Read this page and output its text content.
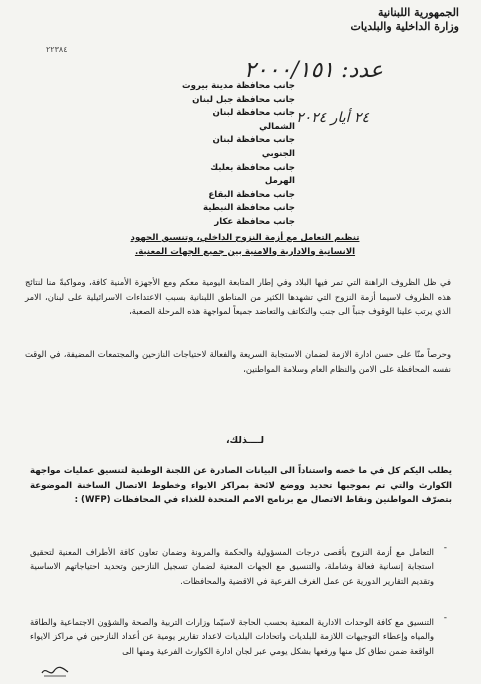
الجمهورية اللبنانية
وزارة الداخلية والبلديات
٢٢٣٨٤
عدد: ٢٠٠٠/١٥١
٢٤ أيار ٢٠٢٤
جانب محافظة مدينة بيروت
جانب محافظة جبل لبنان
جانب محافظة لبنان الشمالي
جانب محافظة لبنان الجنوبي
جانب محافظة بعلبك الهرمل
جانب محافظة البقاع
جانب محافظة النبطية
جانب محافظة عكار
تنظيم التعامل مع أزمة النزوح الداخلي، وتنسيق الجهود
الانسانية والادارية والامنية بين جميع الجهات المعنية.
في ظل الظروف الراهنة التي تمر فيها البلاد وفي إطار المتابعة اليومية معكم ومع الأجهزة الأمنية كافة، ومواكبةً منا لنتائج هذه الظروف لاسيما أزمة النزوح التي تشهدها الكثير من المناطق اللبنانية بسبب الاعتداءات الاسرائيلية على لبنان، الامر الذي يرتب علينا الوقوف جنباً الى جنب والتكاتف والتعاضد جميعاً لمواجهة هذه المرحلة الصعبة،
وحرصاً منّا على حسن ادارة الازمة لضمان الاستجابة السريعة والفعالة لاحتياجات النازحين والمجتمعات المضيفة، في الوقت نفسه المحافظة على الامن والنظام العام وسلامة المواطنين،
لــــذلك،
يطلب اليكم كل في ما خصه واستناداً الى البيانات الصادرة عن اللجنة الوطنية لتنسيق عمليات مواجهة الكوارث والتي تم بموجبها تحديد ووضع لائحة بمراكز الايواء وخطوط الاتصال الساخنة الموضوعة بتصرّف المواطنين ونقاط الاتصال مع برنامج الامم المتحدة للغذاء في المحافظات (WFP) :
-
التعامل مع أزمة النزوح بأقصى درجات المسؤولية والحكمة والمرونة وضمان تعاون كافة الأطراف المعنية لتحقيق استجابة إنسانية فعالة وشاملة، والتنسيق مع الجهات المعنية لضمان تسجيل النازحين وتحديد احتياجاتهم الاساسية وتقديم التقارير الدورية عن عمل الغرف الفرعية في الاقضية والمحافظات.
-
التنسيق مع كافة الوحدات الادارية المعنية بحسب الحاجة لاسيّما وزارات التربية والصحة والشؤون الاجتماعية والطاقة والمياه وإعطاء التوجيهات اللازمة للبلديات واتحادات البلديات لاعداد تقارير يومية عن أعداد النازحين في مراكز الايواء الواقعة ضمن نطاق كل منها ورفعها بشكل يومي عبر لجان ادارة الكوارث الفرعية ومنها الى
